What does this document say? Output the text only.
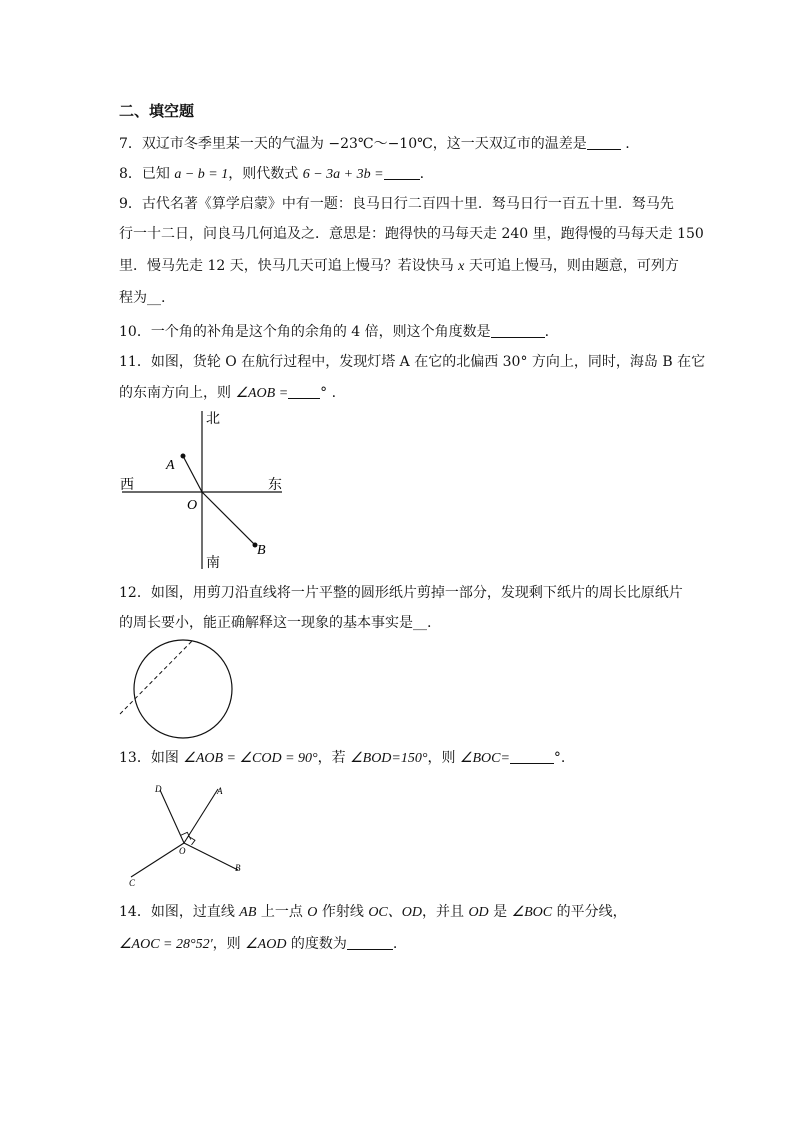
二、填空题
7．双辽市冬季里某一天的气温为 −23℃～−10℃，这一天双辽市的温差是 .
8．已知 a − b = 1，则代数式 6 − 3a + 3b =	.
9．古代名著《算学启蒙》中有一题：良马日行二百四十里．驽马日行一百五十里．驽马先
行一十二日，问良马几何追及之．意思是：跑得快的马每天走 240 里，跑得慢的马每天走 150
里．慢马先走 12 天，快马几天可追上慢马？若设快马 x 天可追上慢马，则由题意，可列方
程为__.
10．一个角的补角是这个角的余角的 4 倍，则这个角度数是	.
11．如图，货轮 O 在航行过程中，发现灯塔 A 在它的北偏西 30° 方向上，同时，海岛 B 在它
的东南方向上，则 ∠AOB = ° .
北
南
西	东
A
B
O
12．如图，用剪刀沿直线将一片平整的圆形纸片剪掉一部分，发现剩下纸片的周长比原纸片
的周长要小，能正确解释这一现象的基本事实是__.
13．如图 ∠AOB = ∠COD = 90°，若 ∠BOD=150°，则 ∠BOC=	°.
D	A
C
B
O
14．如图，过直线 AB 上一点 O 作射线 OC、OD，并且 OD 是 ∠BOC 的平分线，
∠AOC = 28°52′，则 ∠AOD 的度数为	.
